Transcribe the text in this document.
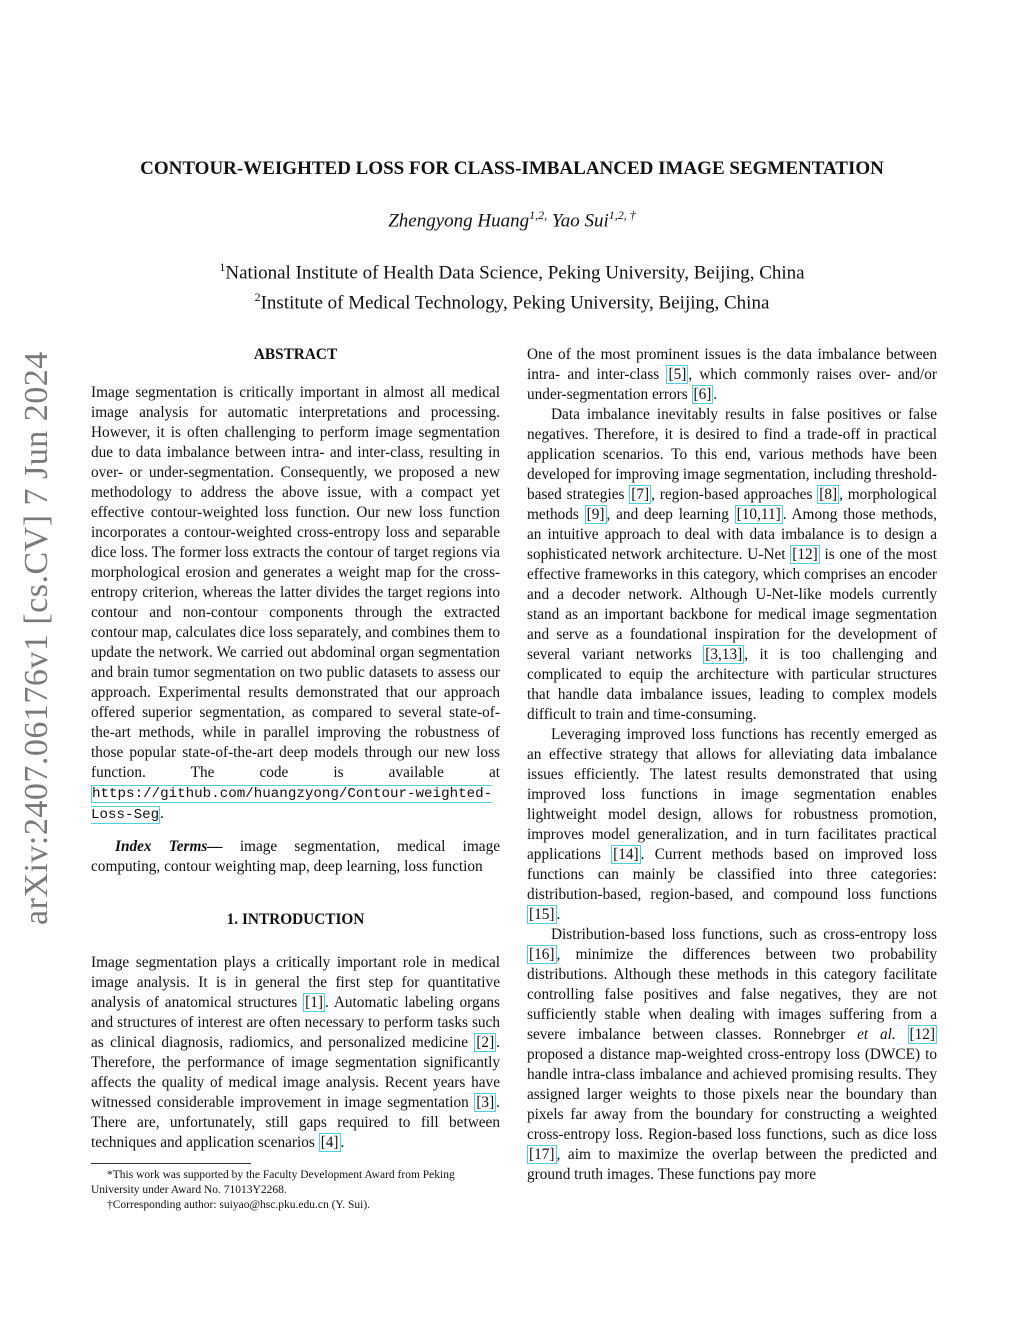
arXiv:2407.06176v1 [cs.CV] 7 Jun 2024
CONTOUR-WEIGHTED LOSS FOR CLASS-IMBALANCED IMAGE SEGMENTATION
Zhengyong Huang$^{1,2,}$ Yao Sui$^{1,2, \dagger}$
$^1$National Institute of Health Data Science, Peking University, Beijing, China
$^2$Institute of Medical Technology, Peking University, Beijing, China
ABSTRACT

Image segmentation is critically important in almost all medical image analysis for automatic interpretations and processing. However, it is often challenging to perform image segmentation due to data imbalance between intra- and inter-class, resulting in over- or under-segmentation. Consequently, we proposed a new methodology to address the above issue, with a compact yet effective contour-weighted loss function. Our new loss function incorporates a contour-weighted cross-entropy loss and separable dice loss. The former loss extracts the contour of target regions via morphological erosion and generates a weight map for the cross-entropy criterion, whereas the latter divides the target regions into contour and non-contour components through the extracted contour map, calculates dice loss separately, and combines them to update the network. We carried out abdominal organ segmentation and brain tumor segmentation on two public datasets to assess our approach. Experimental results demonstrated that our approach offered superior segmentation, as compared to several state-of-the-art methods, while in parallel improving the robustness of those popular state-of-the-art deep models through our new loss function. The code is available at https://github.com/huangzyong/Contour-weighted-Loss-Seg.

Index Terms— image segmentation, medical image computing, contour weighting map, deep learning, loss function

1. INTRODUCTION

Image segmentation plays a critically important role in medical image analysis. It is in general the first step for quantitative analysis of anatomical structures [1] . Automatic labeling organs and structures of interest are often necessary to perform tasks such as clinical diagnosis, radiomics, and personalized medicine [2] . Therefore, the performance of image segmentation significantly affects the quality of medical image analysis. Recent years have witnessed considerable improvement in image segmentation [3] . There are, unfortunately, still gaps required to fill between techniques and application scenarios [4] .

*This work was supported by the Faculty Development Award from Peking University under Award No. 71013Y2268.

†Corresponding author: suiyao@hsc.pku.edu.cn (Y. Sui).

One of the most prominent issues is the data imbalance between intra- and inter-class [5] , which commonly raises over- and/or under-segmentation errors [6] .

Data imbalance inevitably results in false positives or false negatives. Therefore, it is desired to find a trade-off in practical application scenarios. To this end, various methods have been developed for improving image segmentation, including threshold-based strategies [7] , region-based approaches [8] , morphological methods [9] , and deep learning [10,11] . Among those methods, an intuitive approach to deal with data imbalance is to design a sophisticated network architecture. U-Net [12] is one of the most effective frameworks in this category, which comprises an encoder and a decoder network. Although U-Net-like models currently stand as an important backbone for medical image segmentation and serve as a foundational inspiration for the development of several variant networks [3,13] , it is too challenging and complicated to equip the architecture with particular structures that handle data imbalance issues, leading to complex models difficult to train and time-consuming.

Leveraging improved loss functions has recently emerged as an effective strategy that allows for alleviating data imbalance issues efficiently. The latest results demonstrated that using improved loss functions in image segmentation enables lightweight model design, allows for robustness promotion, improves model generalization, and in turn facilitates practical applications [14] . Current methods based on improved loss functions can mainly be classified into three categories: distribution-based, region-based, and compound loss functions [15] .

Distribution-based loss functions, such as cross-entropy loss [16] , minimize the differences between two probability distributions. Although these methods in this category facilitate controlling false positives and false negatives, they are not sufficiently stable when dealing with images suffering from a severe imbalance between classes. Ronnebrger et al. [12] proposed a distance map-weighted cross-entropy loss (DWCE) to handle intra-class imbalance and achieved promising results. They assigned larger weights to those pixels near the boundary than pixels far away from the boundary for constructing a weighted cross-entropy loss. Region-based loss functions, such as dice loss [17] , aim to maximize the overlap between the predicted and ground truth images. These functions pay more
